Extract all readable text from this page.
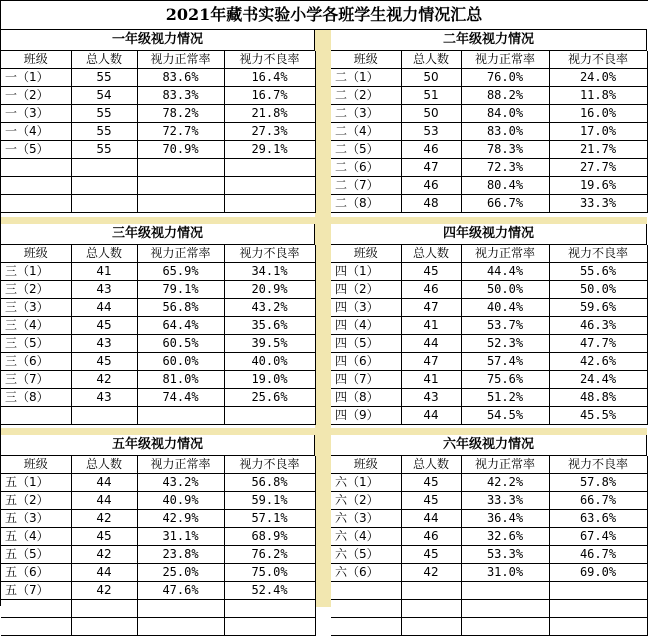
2021年藏书实验小学各班学生视力情况汇总
一年级视力情况
班级	总人数	视力正常率	视力不良率
一（1）	55	83.6%	16.4%
一（2）	54	83.3%	16.7%
一（3）	55	78.2%	21.8%
一（4）	55	72.7%	27.3%
一（5）	55	70.9%	29.1%

二年级视力情况
班级	总人数	视力正常率	视力不良率
二（1）	50	76.0%	24.0%
二（2）	51	88.2%	11.8%
二（3）	50	84.0%	16.0%
二（4）	53	83.0%	17.0%
二（5）	46	78.3%	21.7%
二（6）	47	72.3%	27.7%
二（7）	46	80.4%	19.6%
二（8）	48	66.7%	33.3%
三年级视力情况
班级	总人数	视力正常率	视力不良率
三（1）	41	65.9%	34.1%
三（2）	43	79.1%	20.9%
三（3）	44	56.8%	43.2%
三（4）	45	64.4%	35.6%
三（5）	43	60.5%	39.5%
三（6）	45	60.0%	40.0%
三（7）	42	81.0%	19.0%
三（8）	43	74.4%	25.6%

四年级视力情况
班级	总人数	视力正常率	视力不良率
四（1）	45	44.4%	55.6%
四（2）	46	50.0%	50.0%
四（3）	47	40.4%	59.6%
四（4）	41	53.7%	46.3%
四（5）	44	52.3%	47.7%
四（6）	47	57.4%	42.6%
四（7）	41	75.6%	24.4%
四（8）	43	51.2%	48.8%
四（9）	44	54.5%	45.5%
五年级视力情况
班级	总人数	视力正常率	视力不良率
五（1）	44	43.2%	56.8%
五（2）	44	40.9%	59.1%
五（3）	42	42.9%	57.1%
五（4）	45	31.1%	68.9%
五（5）	42	23.8%	76.2%
五（6）	44	25.0%	75.0%
五（7）	42	47.6%	52.4%

六年级视力情况
班级	总人数	视力正常率	视力不良率
六（1）	45	42.2%	57.8%
六（2）	45	33.3%	66.7%
六（3）	44	36.4%	63.6%
六（4）	46	32.6%	67.4%
六（5）	45	53.3%	46.7%
六（6）	42	31.0%	69.0%
